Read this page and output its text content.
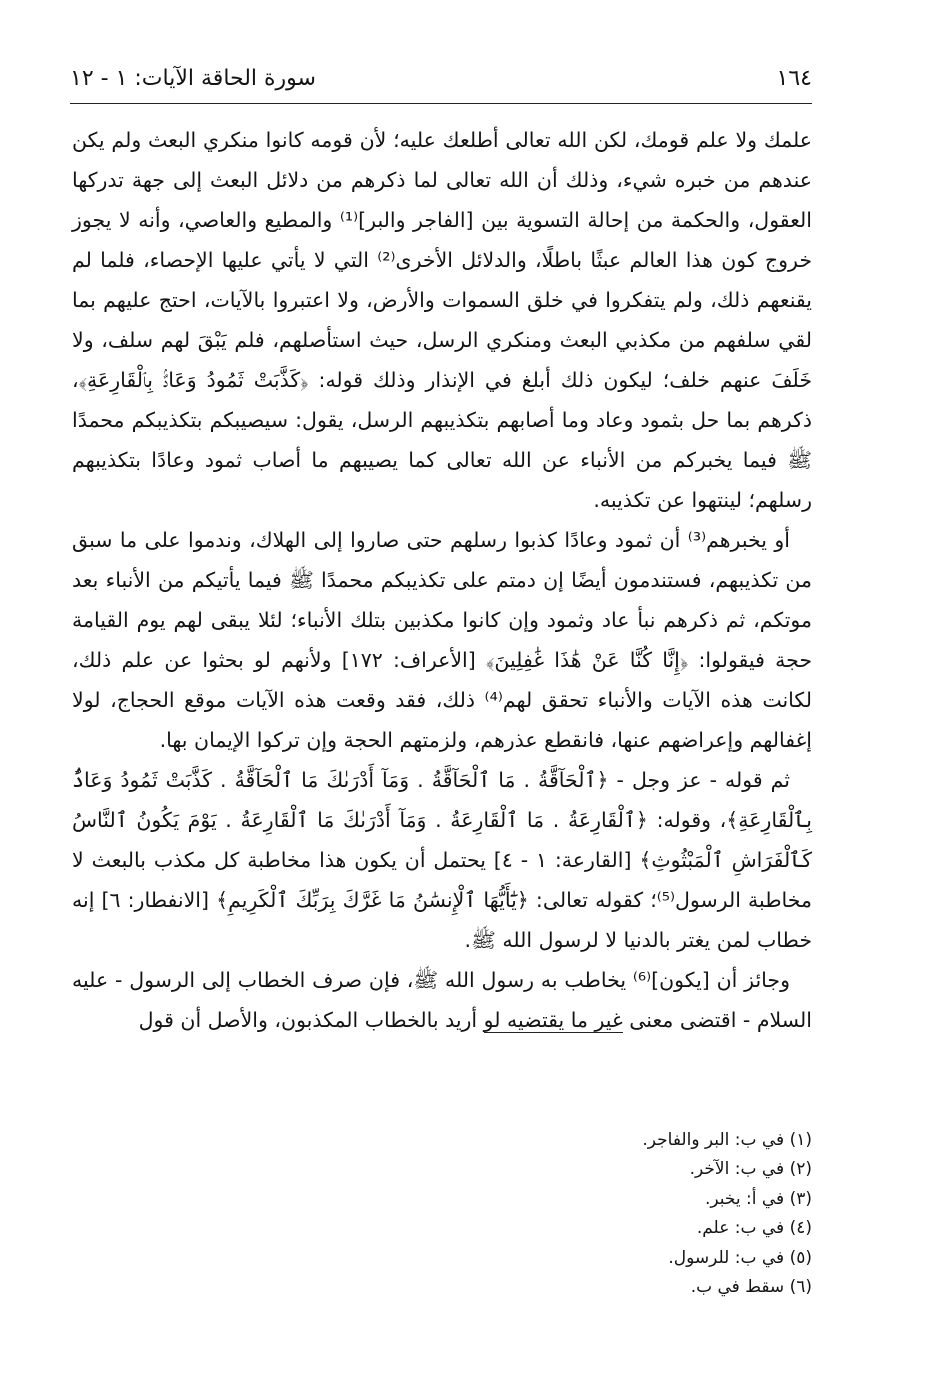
١٦٤
سورة الحاقة الآيات: ١ - ١٢

علمك ولا علم قومك، لكن الله تعالى أطلعك عليه؛ لأن قومه كانوا منكري البعث ولم يكن عندهم من خبره شيء، وذلك أن الله تعالى لما ذكرهم من دلائل البعث إلى جهة تدركها العقول، والحكمة من إحالة التسوية بين [الفاجر والبر]⁽¹⁾ والمطيع والعاصي، وأنه لا يجوز خروج كون هذا العالم عبثًا باطلًا، والدلائل الأخرى⁽²⁾ التي لا يأتي عليها الإحصاء، فلما لم يقنعهم ذلك، ولم يتفكروا في خلق السموات والأرض، ولا اعتبروا بالآيات، احتج عليهم بما لقي سلفهم من مكذبي البعث ومنكري الرسل، حيث استأصلهم، فلم يَبْقَ لهم سلف، ولا خَلَفَ عنهم خلف؛ ليكون ذلك أبلغ في الإنذار وذلك قوله: ﴿كَذَّبَتْ ثَمُودُ وَعَادٌۢ بِٱلْقَارِعَةِ﴾، ذكرهم بما حل بثمود وعاد وما أصابهم بتكذيبهم الرسل، يقول: سيصيبكم بتكذيبكم محمدًا ﷺ فيما يخبركم من الأنباء عن الله تعالى كما يصيبهم ما أصاب ثمود وعادًا بتكذيبهم رسلهم؛ لينتهوا عن تكذيبه.

أو يخبرهم⁽³⁾ أن ثمود وعادًا كذبوا رسلهم حتى صاروا إلى الهلاك، وندموا على ما سبق من تكذيبهم، فستندمون أيضًا إن دمتم على تكذيبكم محمدًا ﷺ فيما يأتيكم من الأنباء بعد موتكم، ثم ذكرهم نبأ عاد وثمود وإن كانوا مكذبين بتلك الأنباء؛ لئلا يبقى لهم يوم القيامة حجة فيقولوا: ﴿إِنَّا كُنَّا عَنْ هَٰذَا غَٰفِلِينَ﴾ [الأعراف: ١٧٢] ولأنهم لو بحثوا عن علم ذلك، لكانت هذه الآيات والأنباء تحقق لهم⁽⁴⁾ ذلك، فقد وقعت هذه الآيات موقع الحجاج، لولا إغفالهم وإعراضهم عنها، فانقطع عذرهم، ولزمتهم الحجة وإن تركوا الإيمان بها.

ثم قوله - عز وجل - ﴿ٱلْحَآقَّةُ . مَا ٱلْحَآقَّةُ . وَمَآ أَدْرَىٰكَ مَا ٱلْحَآقَّةُ . كَذَّبَتْ ثَمُودُ وَعَادٌۢ بِٱلْقَارِعَةِ﴾، وقوله: ﴿ٱلْقَارِعَةُ . مَا ٱلْقَارِعَةُ . وَمَآ أَدْرَىٰكَ مَا ٱلْقَارِعَةُ . يَوْمَ يَكُونُ ٱلنَّاسُ كَٱلْفَرَاشِ ٱلْمَبْثُوثِ﴾ [القارعة: ١ - ٤] يحتمل أن يكون هذا مخاطبة كل مكذب بالبعث لا مخاطبة الرسول⁽⁵⁾؛ كقوله تعالى: ﴿يَٰٓأَيُّهَا ٱلْإِنسَٰنُ مَا غَرَّكَ بِرَبِّكَ ٱلْكَرِيمِ﴾ [الانفطار: ٦] إنه خطاب لمن يغتر بالدنيا لا لرسول الله ﷺ.

وجائز أن [يكون]⁽⁶⁾ يخاطب به رسول الله ﷺ، فإن صرف الخطاب إلى الرسول - عليه السلام - اقتضى معنى غير ما يقتضيه لو أريد بالخطاب المكذبون، والأصل أن قول

(١) في ب: البر والفاجر.
(٢) في ب: الآخر.
(٣) في أ: يخبر.
(٤) في ب: علم.
(٥) في ب: للرسول.
(٦) سقط في ب.
